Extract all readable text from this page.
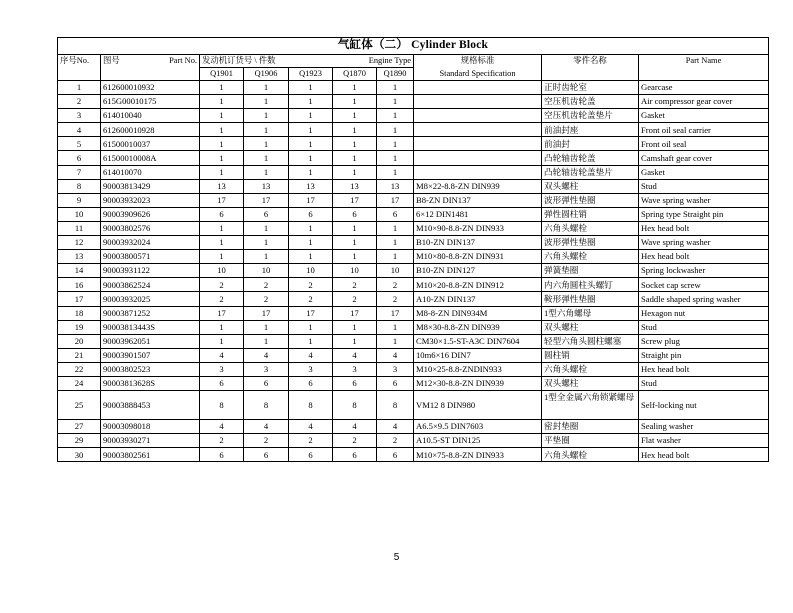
气缸体（二） Cylinder Block									
序号No.	图号 Part No.	发动机订货号 \ 件数 Engine Type					规格标准	零件名称	Part Name
		Q1901	Q1906	Q1923	Q1870	Q1890	Standard Specification		
1	612600010932	1	1	1	1	1		正时齿轮室	Gearcase
2	615G00010175	1	1	1	1	1		空压机齿轮盖	Air compressor gear cover
3	614010040	1	1	1	1	1		空压机齿轮盖垫片	Gasket
4	612600010928	1	1	1	1	1		前油封座	Front oil seal carrier
5	61500010037	1	1	1	1	1		前油封	Front oil seal
6	61500010008A	1	1	1	1	1		凸轮轴齿轮盖	Camshaft gear cover
7	614010070	1	1	1	1	1		凸轮轴齿轮盖垫片	Gasket
8	90003813429	13	13	13	13	13	M8×22-8.8-ZN DIN939	双头螺柱	Stud
9	90003932023	17	17	17	17	17	B8-ZN DIN137	波形弹性垫圈	Wave spring washer
10	90003909626	6	6	6	6	6	6×12 DIN1481	弹性圆柱销	Spring type Straight pin
11	90003802576	1	1	1	1	1	M10×90-8.8-ZN DIN933	六角头螺栓	Hex head bolt
12	90003932024	1	1	1	1	1	B10-ZN DIN137	波形弹性垫圈	Wave spring washer
13	90003800571	1	1	1	1	1	M10×80-8.8-ZN DIN931	六角头螺栓	Hex head bolt
14	90003931122	10	10	10	10	10	B10-ZN DIN127	弹簧垫圈	Spring lockwasher
16	90003862524	2	2	2	2	2	M10×20-8.8-ZN DIN912	内六角圆柱头螺钉	Socket cap screw
17	90003932025	2	2	2	2	2	A10-ZN DIN137	鞍形弹性垫圈	Saddle shaped spring washer
18	90003871252	17	17	17	17	17	M8-8-ZN DIN934M	1型六角螺母	Hexagon nut
19	90003813443S	1	1	1	1	1	M8×30-8.8-ZN DIN939	双头螺柱	Stud
20	90003962051	1	1	1	1	1	CM30×1.5-ST-A3C DIN7604	轻型六角头圆柱螺塞	Screw plug
21	90003901507	4	4	4	4	4	10m6×16 DIN7	圆柱销	Straight pin
22	90003802523	3	3	3	3	3	M10×25-8.8-ZNDIN933	六角头螺栓	Hex head bolt
24	90003813628S	6	6	6	6	6	M12×30-8.8-ZN DIN939	双头螺柱	Stud
25	90003888453	8	8	8	8	8	VM12 8 DIN980	1型全金属六角锁紧螺母	Self-locking nut
27	90003098018	4	4	4	4	4	A6.5×9.5 DIN7603	密封垫圈	Sealing washer
29	90003930271	2	2	2	2	2	A10.5-ST DIN125	平垫圈	Flat washer
30	90003802561	6	6	6	6	6	M10×75-8.8-ZN DIN933	六角头螺栓	Hex head bolt
5
